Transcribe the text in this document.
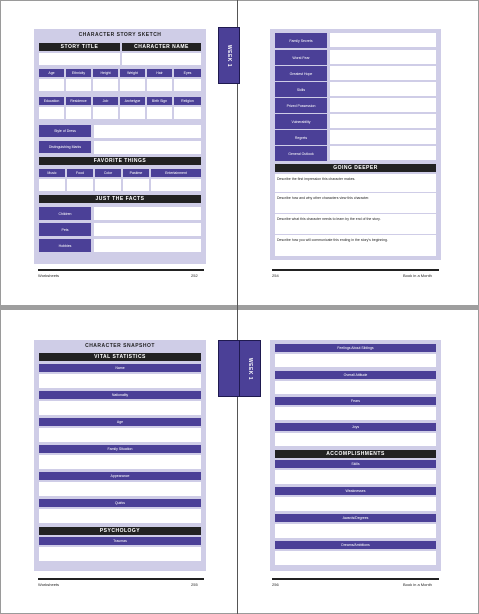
CHARACTER STORY SKETCH
STORY TITLE	CHARACTER NAME
Age	Ethnicity	Height	Weight	Hair	Eyes
Education	Residence	Job	Archetype	Birth Sign	Religion
Style of Dress
Distinguishing Marks
FAVORITE THINGS
Music	Food	Color	Pastime	Entertainment
JUST THE FACTS
Children
Pets
Hobbies
Worksheets	252
WEEK 1
Family Secrets
Worst Fear
Greatest Hope
Skills
Prized Possession
Vulnerability
Regrets
General Outlook
GOING DEEPER
Describe the first impression this character makes.
Describe how and why other characters view this character.
Describe what this character needs to learn by the end of the story.
Describe how you will communicate this ending in the story's beginning.
254	Book in a Month
CHARACTER SNAPSHOT
VITAL STATISTICS
Name
Nationality
Age
Family Situation
Appearance
Quirks
PSYCHOLOGY
Traumas
Worksheets	255
WEEK 1
Feelings About Siblings
Overall Attitude
Fears
Joys
ACCOMPLISHMENTS
Skills
Weaknesses
Awards/Degrees
Dreams/Ambitions
256	Book in a Month
